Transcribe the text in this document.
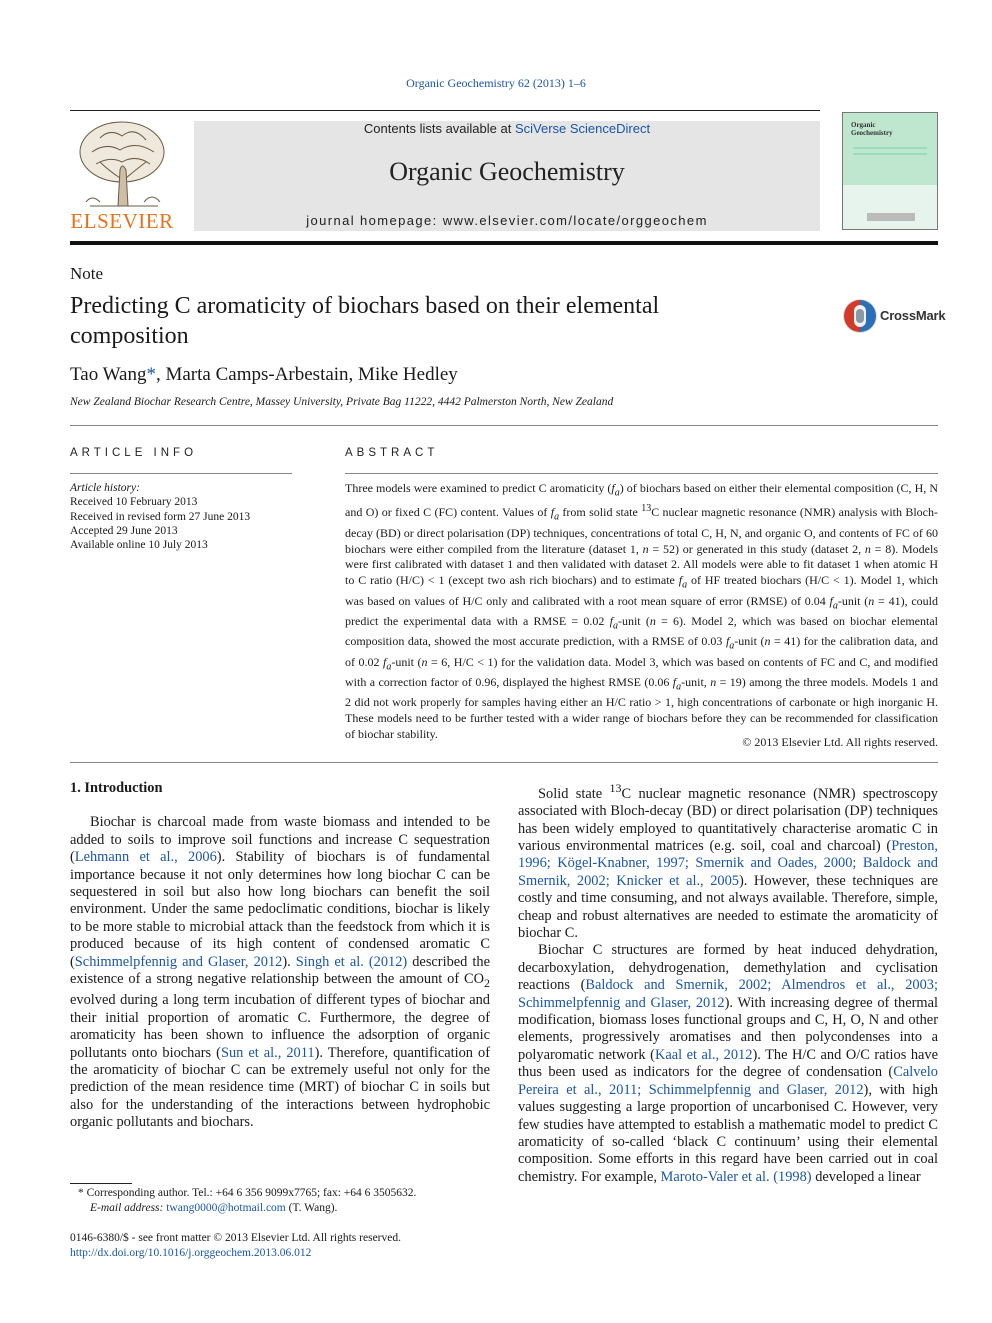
Organic Geochemistry 62 (2013) 1–6
ELSEVIER
Contents lists available at SciVerse ScienceDirect
Organic Geochemistry
journal homepage: www.elsevier.com/locate/orggeochem
Organic
Geochemistry
Note
Predicting C aromaticity of biochars based on their elemental composition
CrossMark
Tao Wang*, Marta Camps-Arbestain, Mike Hedley
New Zealand Biochar Research Centre, Massey University, Private Bag 11222, 4442 Palmerston North, New Zealand
ARTICLE INFO	ABSTRACT
Article history:
Received 10 February 2013
Received in revised form 27 June 2013
Accepted 29 June 2013
Available online 10 July 2013
Three models were examined to predict C aromaticity $(f_a)$ of biochars based on either their elemental composition (C, H, N and O) or fixed C (FC) content. Values of $f_a$ from solid state $^{13}$C nuclear magnetic resonance (NMR) analysis with Bloch-decay (BD) or direct polarisation (DP) techniques, concentrations of total C, H, N, and organic O, and contents of FC of 60 biochars were either compiled from the literature (dataset 1, n = 52) or generated in this study (dataset 2, n = 8). Models were first calibrated with dataset 1 and then validated with dataset 2. All models were able to fit dataset 1 when atomic H to C ratio (H/C) < 1 (except two ash rich biochars) and to estimate $f_a$ of HF treated biochars (H/C < 1). Model 1, which was based on values of H/C only and calibrated with a root mean square of error (RMSE) of 0.04 $f_a$-unit (n = 41), could predict the experimental data with a RMSE = 0.02 $f_a$-unit (n = 6). Model 2, which was based on biochar elemental composition data, showed the most accurate prediction, with a RMSE of 0.03 $f_a$-unit (n = 41) for the calibration data, and of 0.02 $f_a$-unit (n = 6, H/C < 1) for the validation data. Model 3, which was based on contents of FC and C, and modified with a correction factor of 0.96, displayed the highest RMSE (0.06 $f_a$-unit, n = 19) among the three models. Models 1 and 2 did not work properly for samples having either an H/C ratio > 1, high concentrations of carbonate or high inorganic H. These models need to be further tested with a wider range of biochars before they can be recommended for classification of biochar stability.
© 2013 Elsevier Ltd. All rights reserved.
1. Introduction

Biochar is charcoal made from waste biomass and intended to be added to soils to improve soil functions and increase C sequestration (Lehmann et al., 2006). Stability of biochars is of fundamental importance because it not only determines how long biochar C can be sequestered in soil but also how long biochars can benefit the soil environment. Under the same pedoclimatic conditions, biochar is likely to be more stable to microbial attack than the feedstock from which it is produced because of its high content of condensed aromatic C (Schimmelpfennig and Glaser, 2012). Singh et al. (2012) described the existence of a strong negative relationship between the amount of $CO_2$ evolved during a long term incubation of different types of biochar and their initial proportion of aromatic C. Furthermore, the degree of aromaticity has been shown to influence the adsorption of organic pollutants onto biochars (Sun et al., 2011). Therefore, quantification of the aromaticity of biochar C can be extremely useful not only for the prediction of the mean residence time (MRT) of biochar C in soils but also for the understanding of the interactions between hydrophobic organic pollutants and biochars.

Solid state $^{13}$C nuclear magnetic resonance (NMR) spectroscopy associated with Bloch-decay (BD) or direct polarisation (DP) techniques has been widely employed to quantitatively characterise aromatic C in various environmental matrices (e.g. soil, coal and charcoal) (Preston, 1996; Kögel-Knabner, 1997; Smernik and Oades, 2000; Baldock and Smernik, 2002; Knicker et al., 2005). However, these techniques are costly and time consuming, and not always available. Therefore, simple, cheap and robust alternatives are needed to estimate the aromaticity of biochar C.

Biochar C structures are formed by heat induced dehydration, decarboxylation, dehydrogenation, demethylation and cyclisation reactions (Baldock and Smernik, 2002; Almendros et al., 2003; Schimmelpfennig and Glaser, 2012). With increasing degree of thermal modification, biomass loses functional groups and C, H, O, N and other elements, progressively aromatises and then polycondenses into a polyaromatic network (Kaal et al., 2012). The H/C and O/C ratios have thus been used as indicators for the degree of condensation (Calvelo Pereira et al., 2011; Schimmelpfennig and Glaser, 2012), with high values suggesting a large proportion of uncarbonised C. However, very few studies have attempted to establish a mathematic model to predict C aromaticity of so-called ‘black C continuum’ using their elemental composition. Some efforts in this regard have been carried out in coal chemistry. For example, Maroto-Valer et al. (1998) developed a linear

* Corresponding author. Tel.: +64 6 356 9099x7765; fax: +64 6 3505632.
E-mail address: twang0000@hotmail.com (T. Wang).
0146-6380/$ - see front matter © 2013 Elsevier Ltd. All rights reserved.
http://dx.doi.org/10.1016/j.orggeochem.2013.06.012
